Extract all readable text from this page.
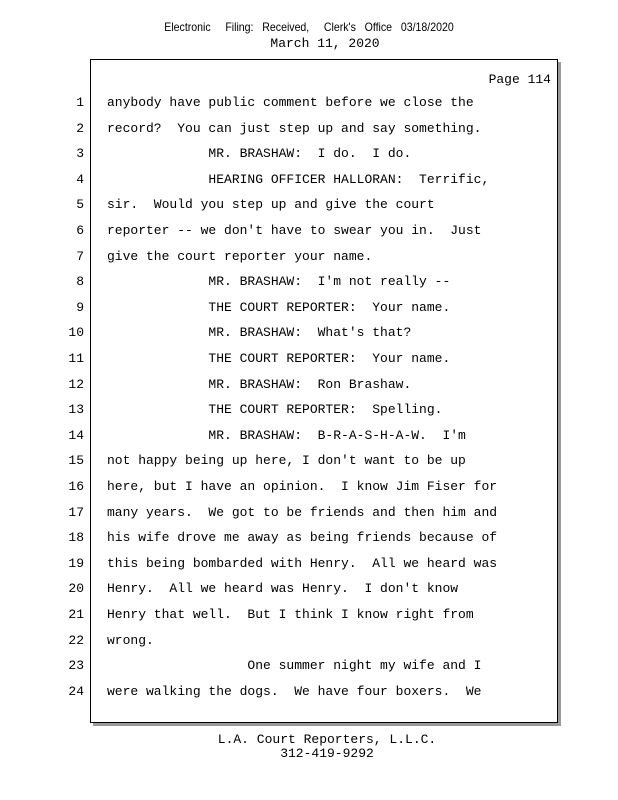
Electronic     Filing:   Received,     Clerk's   Office   03/18/2020
March 11, 2020
Page 114
1 anybody have public comment before we close the
2 record?  You can just step up and say something.
3 MR. BRASHAW:  I do.  I do.
4 HEARING OFFICER HALLORAN:  Terrific,
5 sir.  Would you step up and give the court
6 reporter -- we don't have to swear you in.  Just
7 give the court reporter your name.
8 MR. BRASHAW:  I'm not really --
9 THE COURT REPORTER:  Your name.
10 MR. BRASHAW:  What's that?
11 THE COURT REPORTER:  Your name.
12 MR. BRASHAW:  Ron Brashaw.
13 THE COURT REPORTER:  Spelling.
14 MR. BRASHAW:  B-R-A-S-H-A-W.  I'm
15 not happy being up here, I don't want to be up
16 here, but I have an opinion.  I know Jim Fiser for
17 many years.  We got to be friends and then him and
18 his wife drove me away as being friends because of
19 this being bombarded with Henry.  All we heard was
20 Henry.  All we heard was Henry.  I don't know
21 Henry that well.  But I think I know right from
22 wrong.
23 One summer night my wife and I
24 were walking the dogs.  We have four boxers.  We
L.A. Court Reporters, L.L.C.
312-419-9292
